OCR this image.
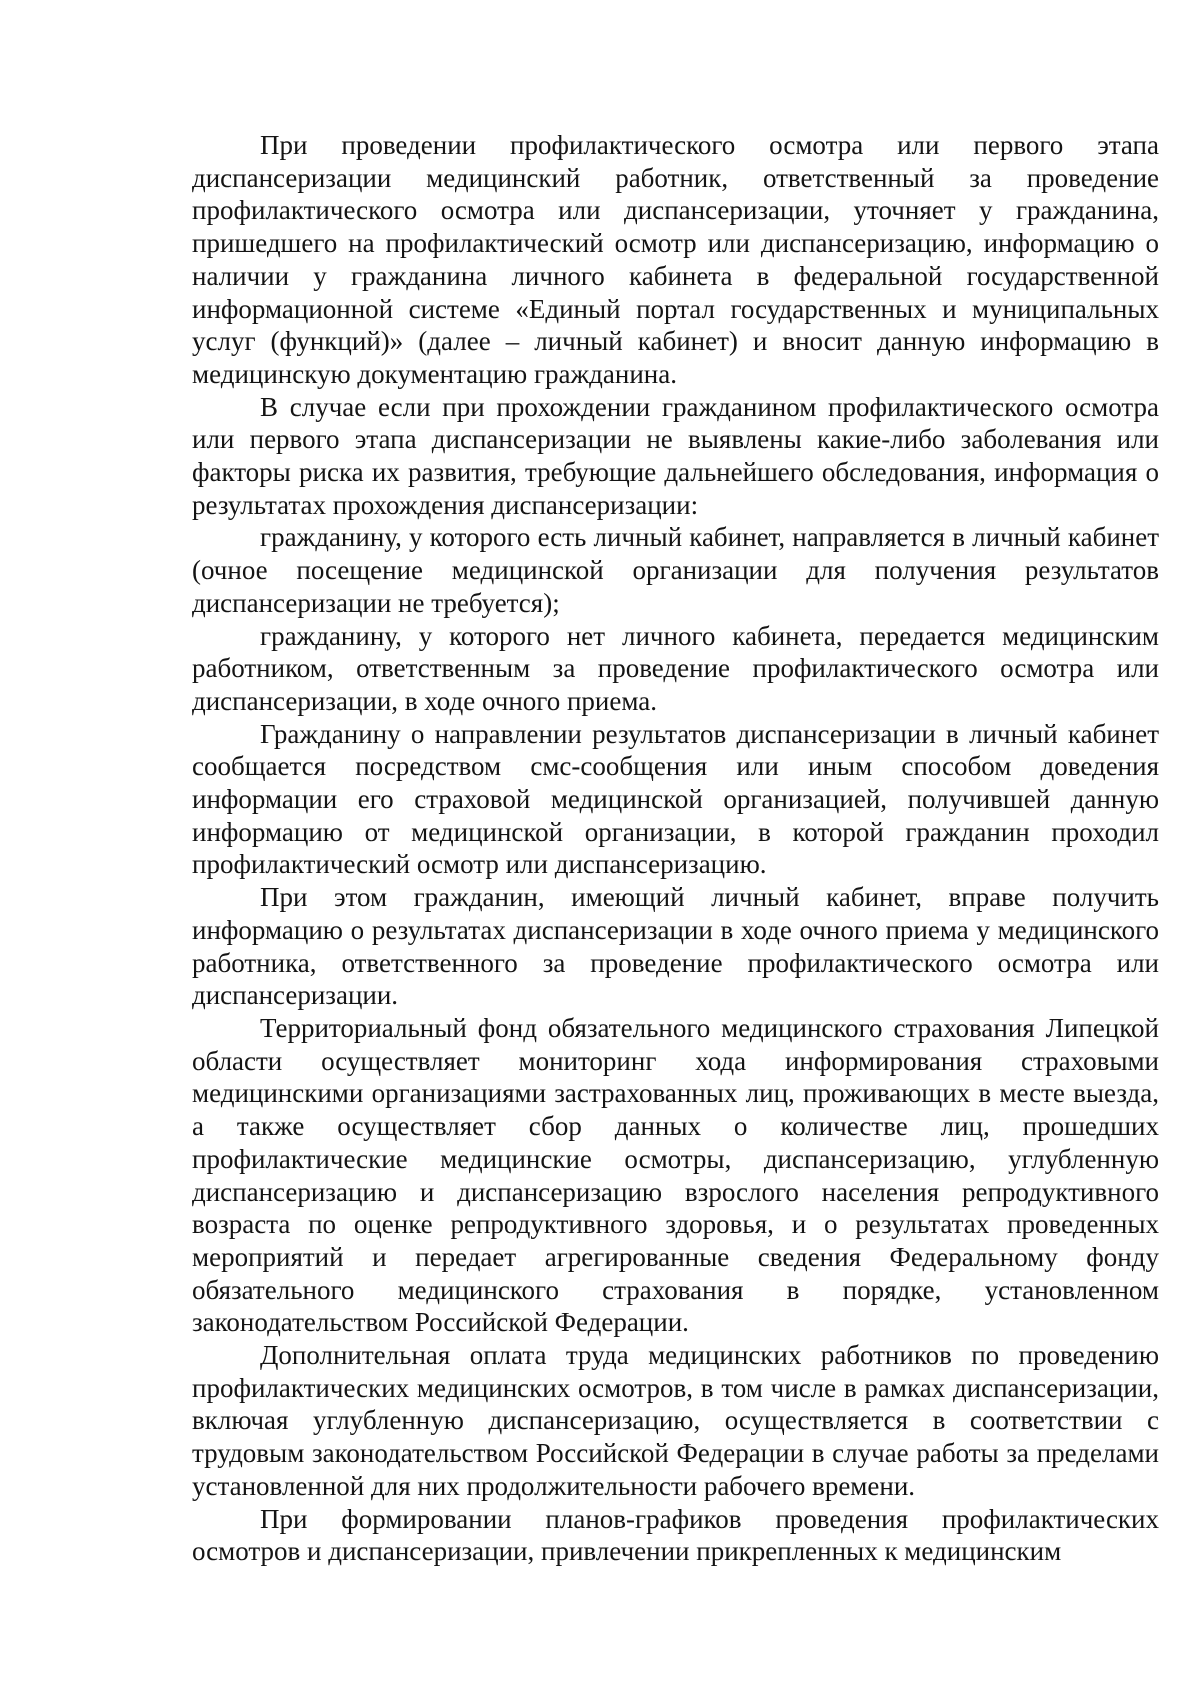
При проведении профилактического осмотра или первого этапа диспансеризации медицинский работник, ответственный за проведение профилактического осмотра или диспансеризации, уточняет у гражданина, пришедшего на профилактический осмотр или диспансеризацию, информацию о наличии у гражданина личного кабинета в федеральной государственной информационной системе «Единый портал государственных и муниципальных услуг (функций)» (далее – личный кабинет) и вносит данную информацию в медицинскую документацию гражданина.

В случае если при прохождении гражданином профилактического осмотра или первого этапа диспансеризации не выявлены какие-либо заболевания или факторы риска их развития, требующие дальнейшего обследования, информация о результатах прохождения диспансеризации:

гражданину, у которого есть личный кабинет, направляется в личный кабинет (очное посещение медицинской организации для получения результатов диспансеризации не требуется);

гражданину, у которого нет личного кабинета, передается медицинским работником, ответственным за проведение профилактического осмотра или диспансеризации, в ходе очного приема.

Гражданину о направлении результатов диспансеризации в личный кабинет сообщается посредством смс-сообщения или иным способом доведения информации его страховой медицинской организацией, получившей данную информацию от медицинской организации, в которой гражданин проходил профилактический осмотр или диспансеризацию.

При этом гражданин, имеющий личный кабинет, вправе получить информацию о результатах диспансеризации в ходе очного приема у медицинского работника, ответственного за проведение профилактического осмотра или диспансеризации.

Территориальный фонд обязательного медицинского страхования Липецкой области осуществляет мониторинг хода информирования страховыми медицинскими организациями застрахованных лиц, проживающих в месте выезда, а также осуществляет сбор данных о количестве лиц, прошедших профилактические медицинские осмотры, диспансеризацию, углубленную диспансеризацию и диспансеризацию взрослого населения репродуктивного возраста по оценке репродуктивного здоровья, и о результатах проведенных мероприятий и передает агрегированные сведения Федеральному фонду обязательного медицинского страхования в порядке, установленном законодательством Российской Федерации.

Дополнительная оплата труда медицинских работников по проведению профилактических медицинских осмотров, в том числе в рамках диспансеризации, включая углубленную диспансеризацию, осуществляется в соответствии с трудовым законодательством Российской Федерации в случае работы за пределами установленной для них продолжительности рабочего времени.

При формировании планов-графиков проведения профилактических осмотров и диспансеризации, привлечении прикрепленных к медицинским
